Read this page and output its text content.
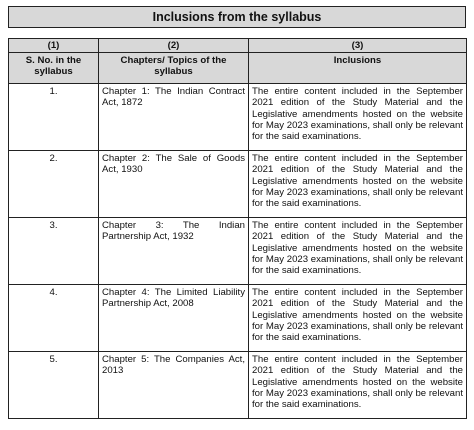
Inclusions from the syllabus
(1)	(2)	(3)
S. No. in the syllabus	Chapters/ Topics of the syllabus	Inclusions
1.	Chapter 1: The Indian Contract Act, 1872	The entire content included in the September 2021 edition of the Study Material and the Legislative amendments hosted on the website for May 2023 examinations, shall only be relevant for the said examinations.
2.	Chapter 2: The Sale of Goods Act, 1930	The entire content included in the September 2021 edition of the Study Material and the Legislative amendments hosted on the website for May 2023 examinations, shall only be relevant for the said examinations.
3.	Chapter 3: The Indian Partnership Act, 1932	The entire content included in the September 2021 edition of the Study Material and the Legislative amendments hosted on the website for May 2023 examinations, shall only be relevant for the said examinations.
4.	Chapter 4: The Limited Liability Partnership Act, 2008	The entire content included in the September 2021 edition of the Study Material and the Legislative amendments hosted on the website for May 2023 examinations, shall only be relevant for the said examinations.
5.	Chapter 5: The Companies Act, 2013	The entire content included in the September 2021 edition of the Study Material and the Legislative amendments hosted on the website for May 2023 examinations, shall only be relevant for the said examinations.
